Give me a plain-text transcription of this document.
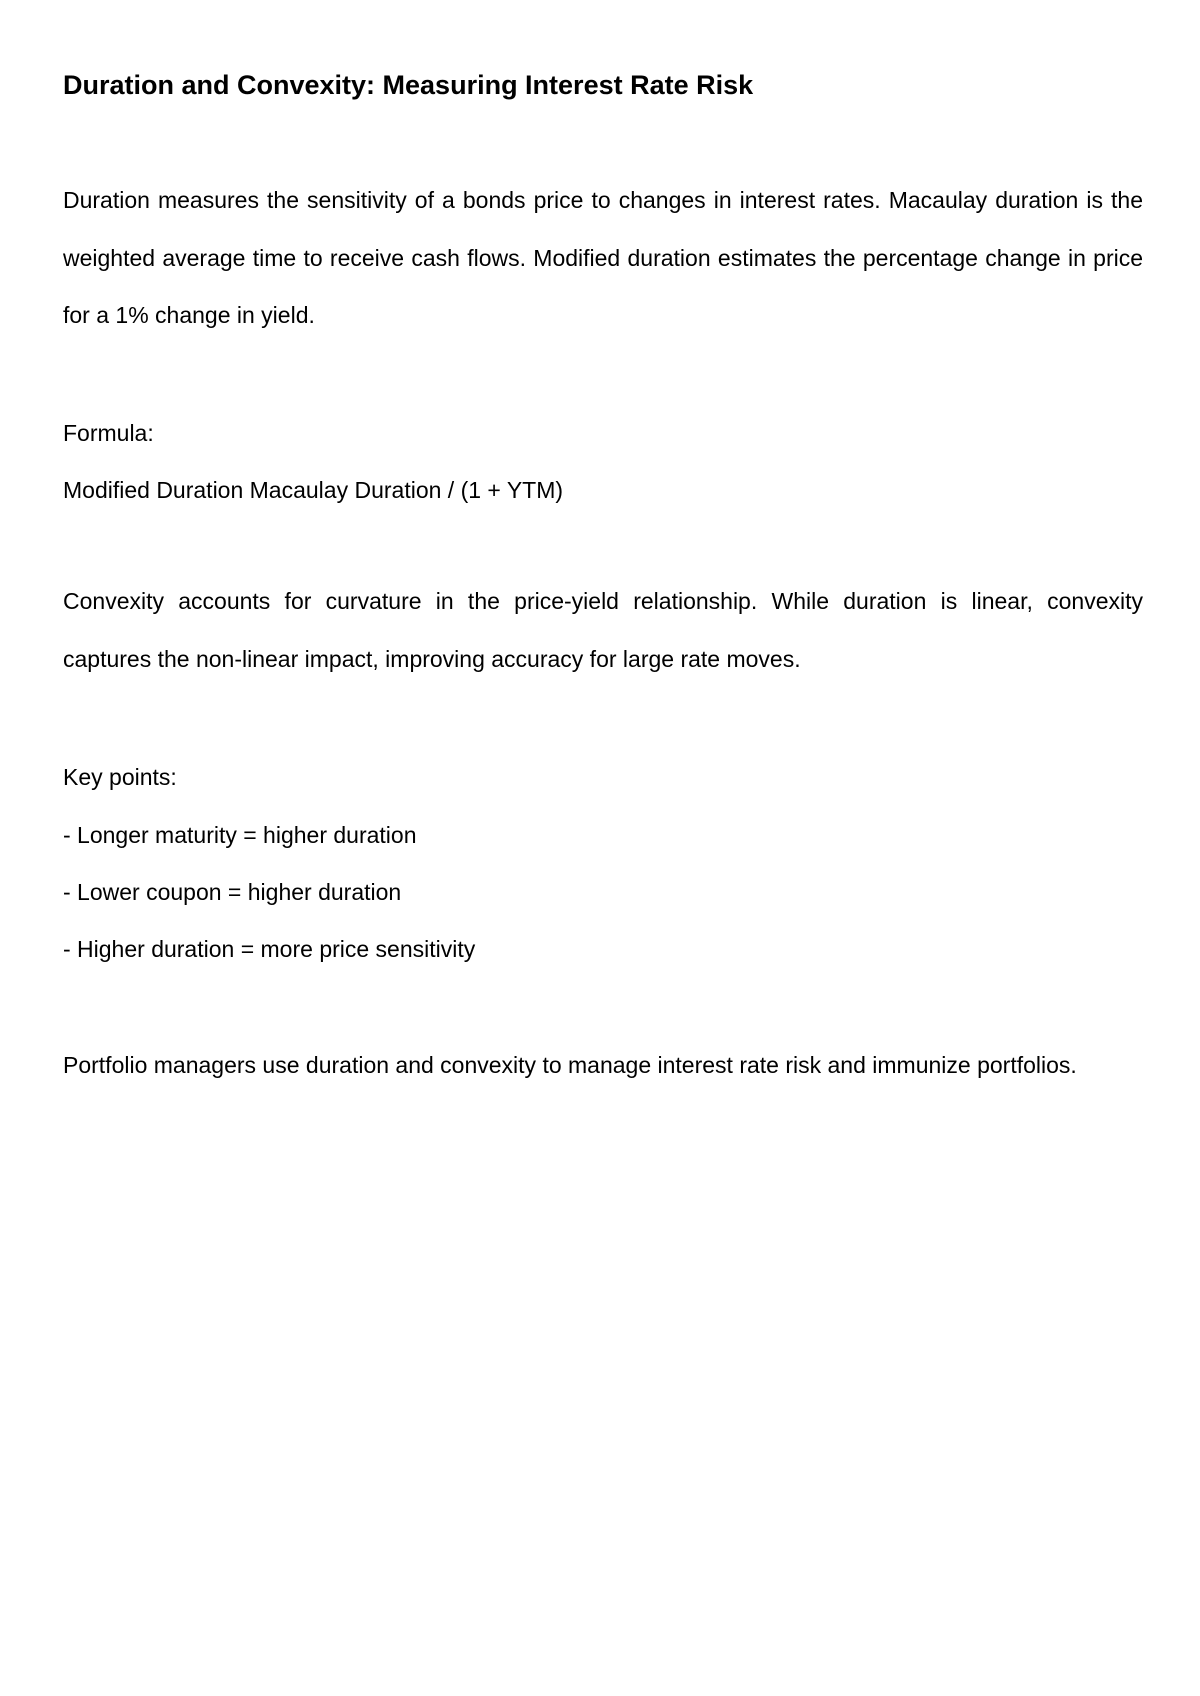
Duration and Convexity: Measuring Interest Rate Risk

Duration measures the sensitivity of a bonds price to changes in interest rates. Macaulay duration is the weighted average time to receive cash flows. Modified duration estimates the percentage change in price for a 1% change in yield.

Formula:

Modified Duration Macaulay Duration / (1 + YTM)

Convexity accounts for curvature in the price-yield relationship. While duration is linear, convexity captures the non-linear impact, improving accuracy for large rate moves.

Key points:

- Longer maturity = higher duration

- Lower coupon = higher duration

- Higher duration = more price sensitivity

Portfolio managers use duration and convexity to manage interest rate risk and immunize portfolios.
